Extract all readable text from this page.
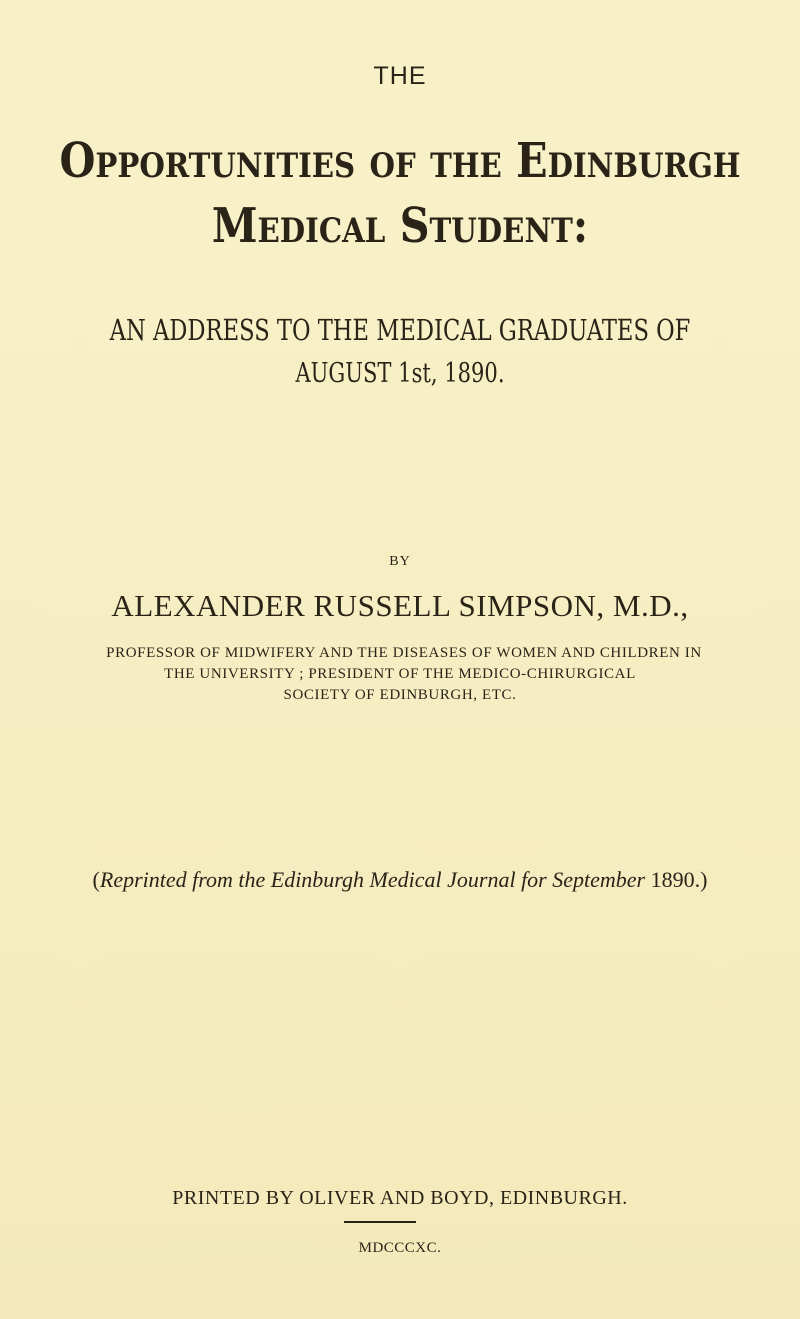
THE
Opportunities of the Edinburgh
Medical Student:
AN ADDRESS TO THE MEDICAL GRADUATES OF
AUGUST 1st, 1890.
BY
ALEXANDER RUSSELL SIMPSON, M.D.,
PROFESSOR OF MIDWIFERY AND THE DISEASES OF WOMEN AND CHILDREN IN
THE UNIVERSITY ; PRESIDENT OF THE MEDICO-CHIRURGICAL
SOCIETY OF EDINBURGH, ETC.
(Reprinted from the Edinburgh Medical Journal for September 1890.)
PRINTED BY OLIVER AND BOYD, EDINBURGH.
MDCCCXC.
